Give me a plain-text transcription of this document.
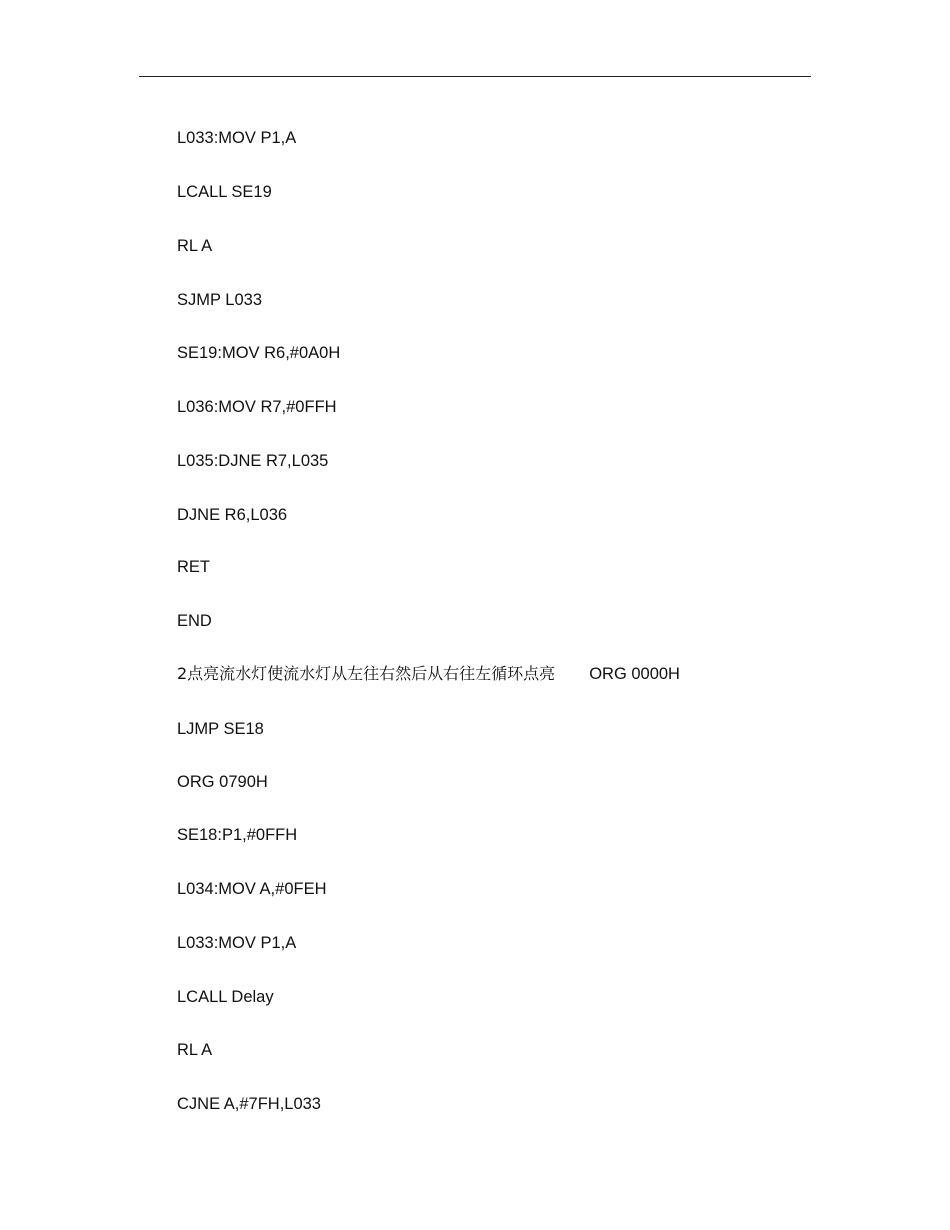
L033:MOV P1,A
LCALL SE19
RL A
SJMP L033
SE19:MOV R6,#0A0H
L036:MOV R7,#0FFH
L035:DJNE R7,L035
DJNE R6,L036
RET
END
2点亮流水灯使流水灯从左往右然后从右往左循环点亮 ORG 0000H
LJMP SE18
ORG 0790H
SE18:P1,#0FFH
L034:MOV A,#0FEH
L033:MOV P1,A
LCALL Delay
RL A
CJNE A,#7FH,L033
